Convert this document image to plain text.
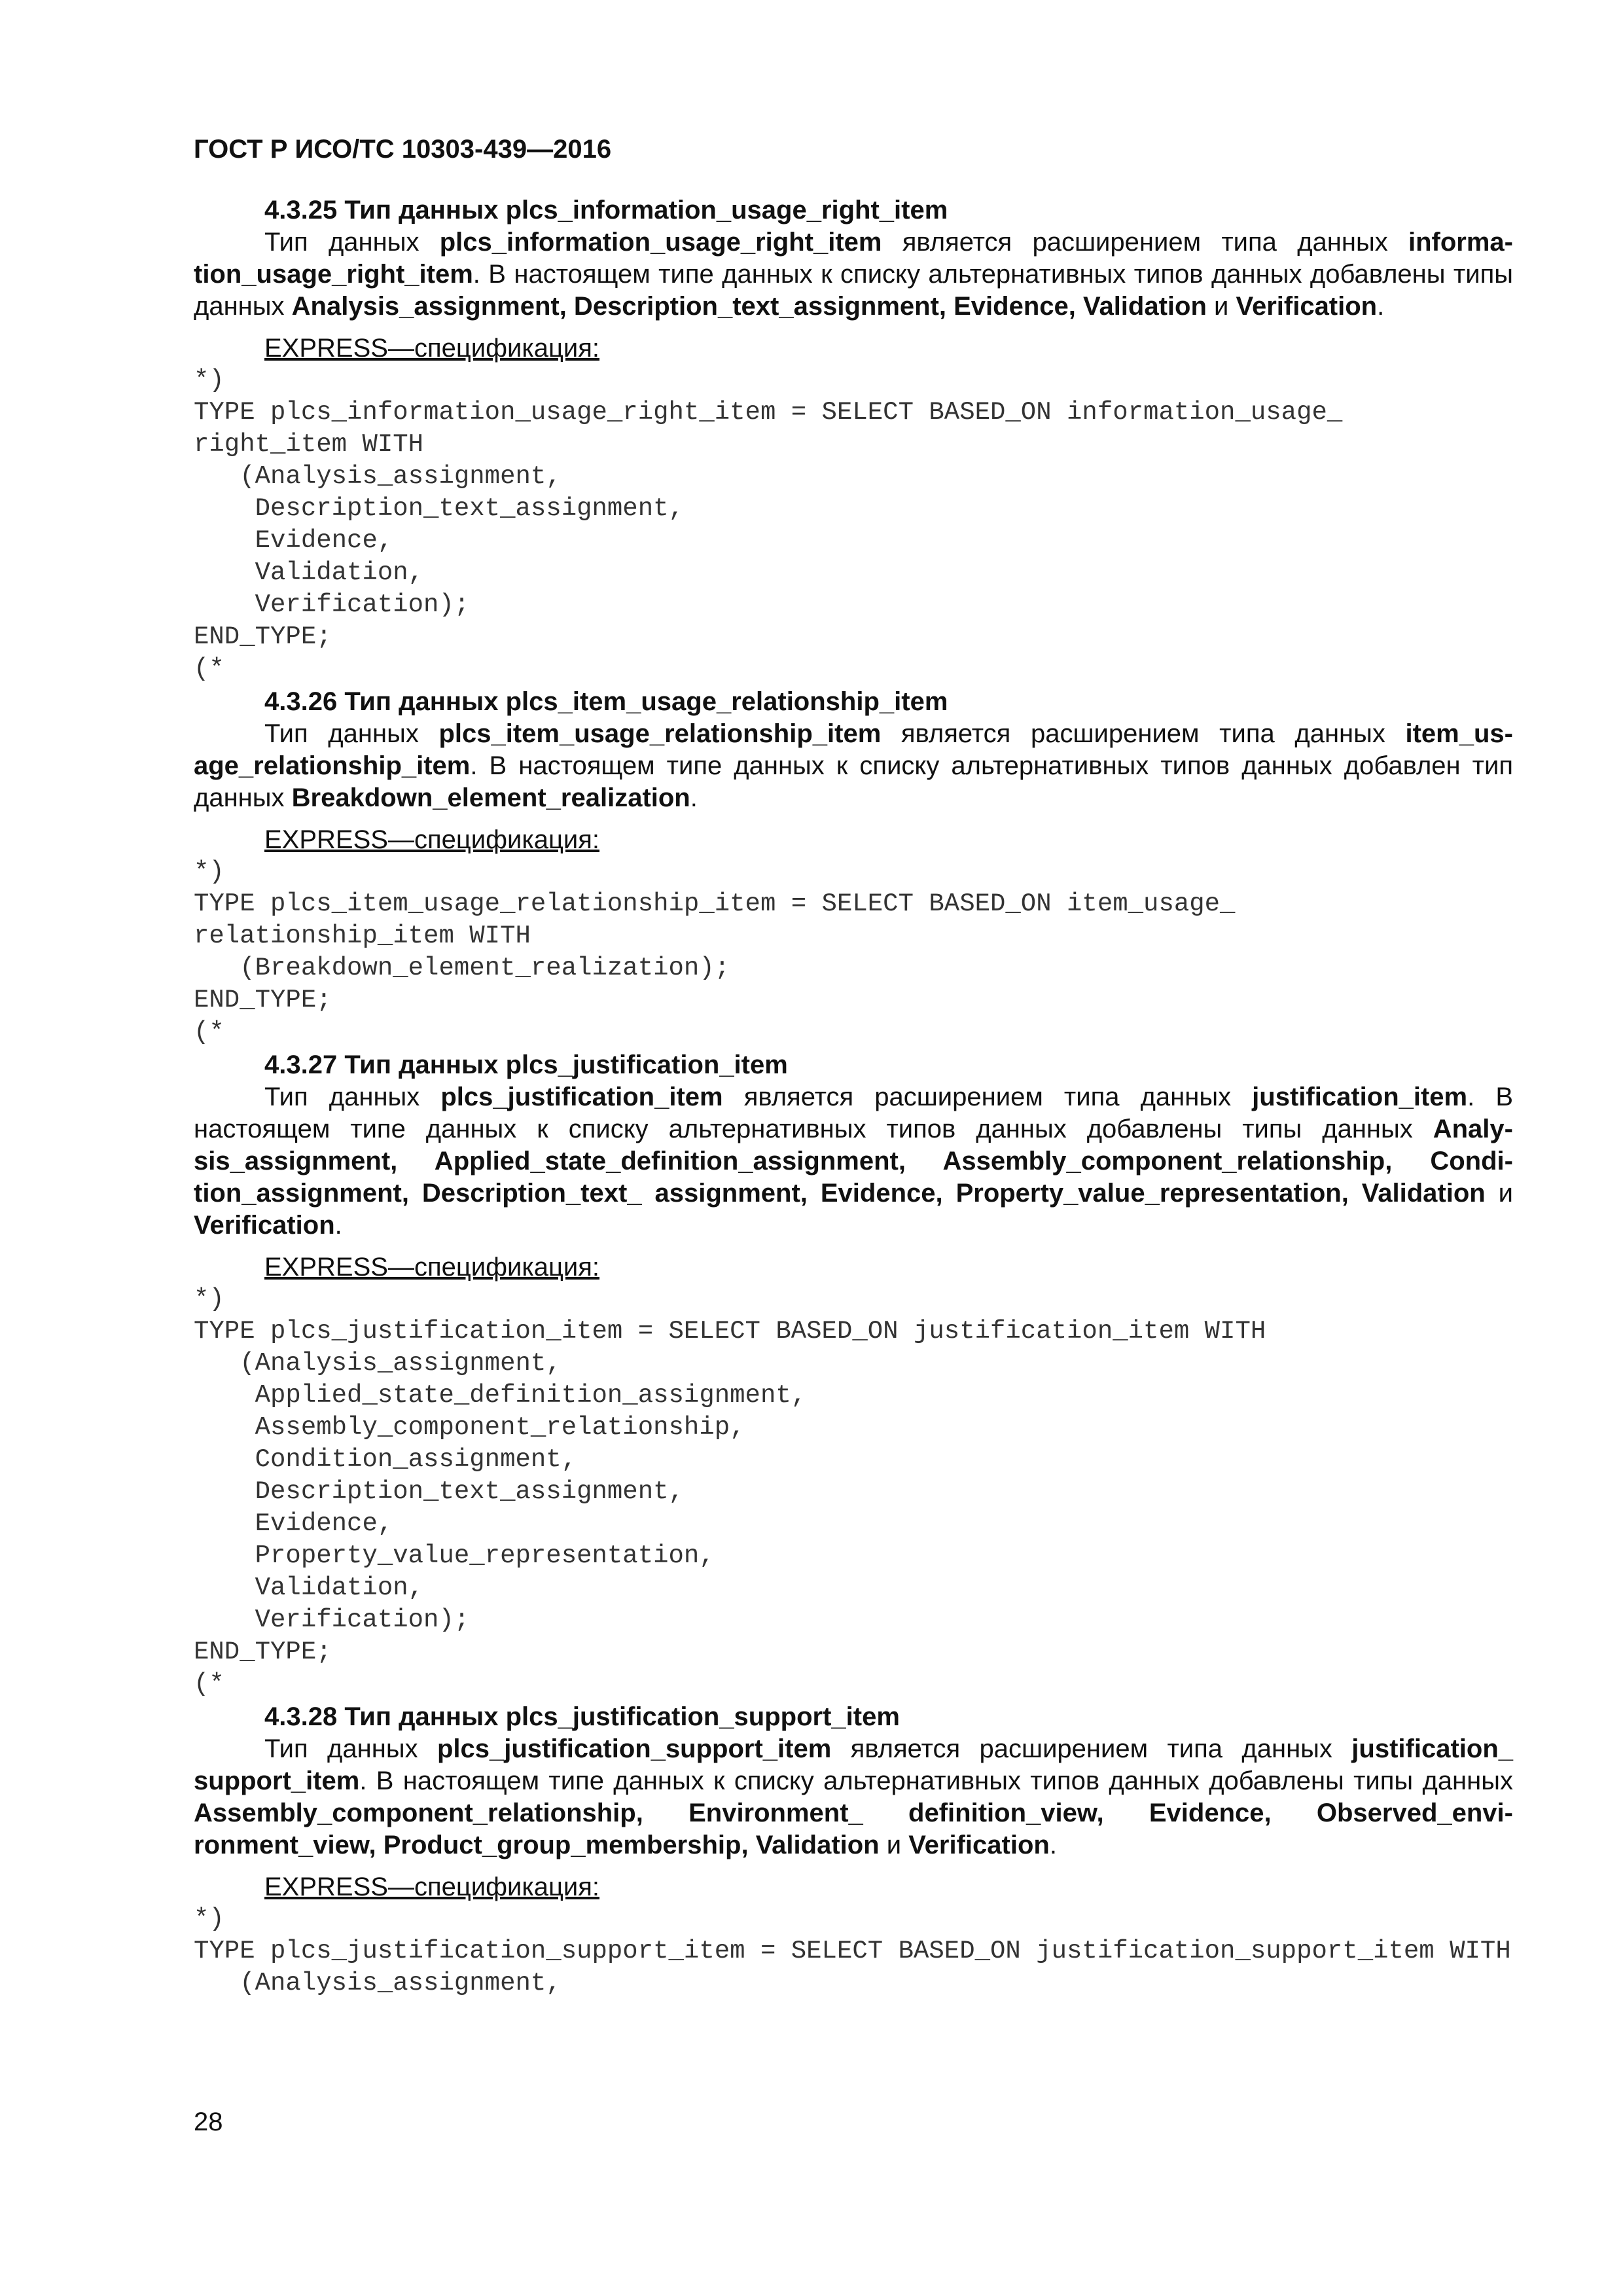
ГОСТ Р ИСО/ТС 10303-439—2016

4.3.25 Тип данных plcs_information_usage_right_item

Тип данных plcs_information_usage_right_item является расширением типа данных information_usage_right_item. В настоящем типе данных к списку альтернативных типов данных добавлены типы данных Analysis_assignment, Description_text_assignment, Evidence, Validation и Verification.

EXPRESS—спецификация:
*)
TYPE plcs_information_usage_right_item = SELECT BASED_ON information_usage_
right_item WITH
(Analysis_assignment,
Description_text_assignment,
Evidence,
Validation,
Verification);
END_TYPE;
(*

4.3.26 Тип данных plcs_item_usage_relationship_item

Тип данных plcs_item_usage_relationship_item является расширением типа данных item_usage_relationship_item. В настоящем типе данных к списку альтернативных типов данных добавлен тип данных Breakdown_element_realization.

EXPRESS—спецификация:
*)
TYPE plcs_item_usage_relationship_item = SELECT BASED_ON item_usage_
relationship_item WITH
(Breakdown_element_realization);
END_TYPE;
(*

4.3.27 Тип данных plcs_justification_item

Тип данных plcs_justification_item является расширением типа данных justification_item. В настоящем типе данных к списку альтернативных типов данных добавлены типы данных Analysis_assignment, Applied_state_definition_assignment, Assembly_component_relationship, Condition_assignment, Description_text_ assignment, Evidence, Property_value_representation, Validation и Verification.

EXPRESS—спецификация:
*)
TYPE plcs_justification_item = SELECT BASED_ON justification_item WITH
(Analysis_assignment,
Applied_state_definition_assignment,
Assembly_component_relationship,
Condition_assignment,
Description_text_assignment,
Evidence,
Property_value_representation,
Validation,
Verification);
END_TYPE;
(*

4.3.28 Тип данных plcs_justification_support_item

Тип данных plcs_justification_support_item является расширением типа данных justification_ support_item. В настоящем типе данных к списку альтернативных типов данных добавлены типы данных Assembly_component_relationship, Environment_ definition_view, Evidence, Observed_environment_view, Product_group_membership, Validation и Verification.

EXPRESS—спецификация:
*)
TYPE plcs_justification_support_item = SELECT BASED_ON justification_support_item WITH
(Analysis_assignment,
28
